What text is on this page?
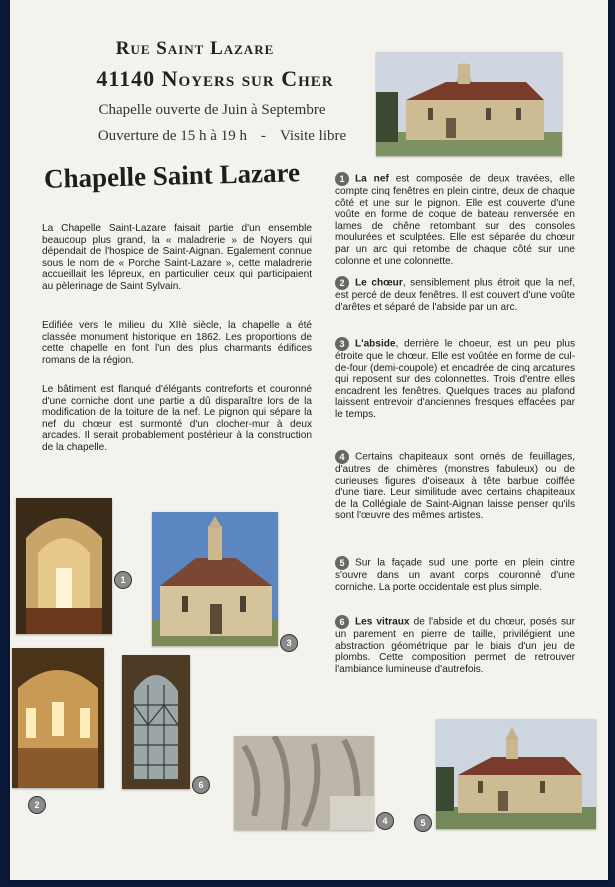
Rue Saint Lazare
41140 Noyers sur Cher
Chapelle ouverte de Juin à Septembre
Ouverture de 15 h à 19 h - Visite libre
Chapelle Saint Lazare

La Chapelle Saint-Lazare faisait partie d'un ensemble beaucoup plus grand, la « maladrerie » de Noyers qui dépendait de l'hospice de Saint-Aignan. Egalement connue sous le nom de « Porche Saint-Lazare », cette maladrerie accueillait les lépreux, en particulier ceux qui participaient au pèlerinage de Saint Sylvain.

Edifiée vers le milieu du XIIè siècle, la chapelle a été classée monument historique en 1862. Les proportions de cette chapelle en font l'un des plus charmants édifices romans de la région.

Le bâtiment est flanqué d'élégants contreforts et couronné d'une corniche dont une partie a dû disparaître lors de la modification de la toiture de la nef. Le pignon qui sépare la nef du chœur est surmonté d'un clocher-mur à deux arcades. Il serait probablement postérieur à la construction de la chapelle.

1 La nef est composée de deux travées, elle compte cinq fenêtres en plein cintre, deux de chaque côté et une sur le pignon. Elle est couverte d'une voûte en forme de coque de bateau renversée en lames de chêne retombant sur des consoles moulurées et sculptées. Elle est séparée du chœur par un arc qui retombe de chaque côté sur une colonne et une colonnette.

2 Le chœur, sensiblement plus étroit que la nef, est percé de deux fenêtres. Il est couvert d'une voûte d'arêtes et séparé de l'abside par un arc.

3 L'abside, derrière le choeur, est un peu plus étroite que le chœur. Elle est voûtée en forme de cul-de-four (demi-coupole) et encadrée de cinq arcatures qui reposent sur des colonnettes. Trois d'entre elles encadrent les fenêtres. Quelques traces au plafond laissent entrevoir d'anciennes fresques effacées par le temps.

4 Certains chapiteaux sont ornés de feuillages, d'autres de chimères (monstres fabuleux) ou de curieuses figures d'oiseaux à tête barbue coiffée d'une tiare. Leur similitude avec certains chapiteaux de la Collégiale de Saint-Aignan laisse penser qu'ils sont l'œuvre des mêmes artistes.

5 Sur la façade sud une porte en plein cintre s'ouvre dans un avant corps couronné d'une corniche. La porte occidentale est plus simple.

6 Les vitraux de l'abside et du chœur, posés sur un parement en pierre de taille, privilégient une abstraction géométrique par le biais d'un jeu de plombs. Cette composition permet de retrouver l'ambiance lumineuse d'autrefois.

1
3
2
6
4	5
